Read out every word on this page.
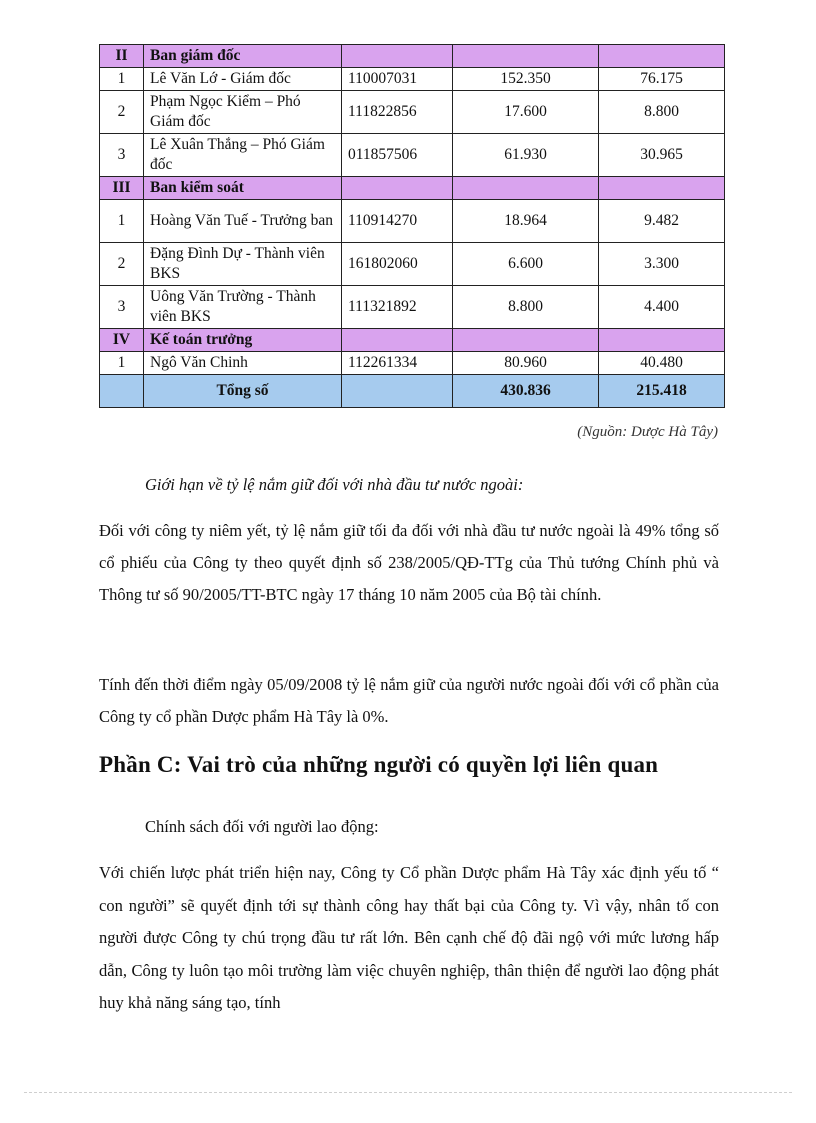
II	Ban giám đốc			
1	Lê Văn Lớ - Giám đốc	110007031	152.350	76.175
2	Phạm Ngọc Kiểm – Phó Giám đốc	111822856	17.600	8.800
3	Lê Xuân Thắng – Phó Giám đốc	011857506	61.930	30.965
III	Ban kiểm soát			
1	Hoàng Văn Tuế - Trưởng ban	110914270	18.964	9.482
2	Đặng Đình Dự - Thành viên BKS	161802060	6.600	3.300
3	Uông Văn Trường - Thành viên BKS	111321892	8.800	4.400
IV	Kế toán trưởng			
1	Ngô Văn Chinh	112261334	80.960	40.480
	Tổng số		430.836	215.418
(Nguồn: Dược Hà Tây)
Giới hạn về tỷ lệ nắm giữ đối với nhà đầu tư nước ngoài:
Đối với công ty niêm yết, tỷ lệ nắm giữ tối đa đối với nhà đầu tư nước ngoài là 49% tổng số cổ phiếu của Công ty theo quyết định số 238/2005/QĐ-TTg của Thủ tướng Chính phủ và Thông tư số 90/2005/TT-BTC ngày 17 tháng 10 năm 2005 của Bộ tài chính.
Tính đến thời điểm ngày 05/09/2008 tỷ lệ nắm giữ của người nước ngoài đối với cổ phần của Công ty cổ phần Dược phẩm Hà Tây là 0%.
Phần C: Vai trò của những người có quyền lợi liên quan
Chính sách đối với người lao động:
Với chiến lược phát triển hiện nay, Công ty Cổ phần Dược phẩm Hà Tây xác định yếu tố “ con người” sẽ quyết định tới sự thành công hay thất bại của Công ty. Vì vậy, nhân tố con người được Công ty chú trọng đầu tư rất lớn. Bên cạnh chế độ đãi ngộ với mức lương hấp dẫn, Công ty luôn tạo môi trường làm việc chuyên nghiệp, thân thiện để người lao động phát huy khả năng sáng tạo, tính
